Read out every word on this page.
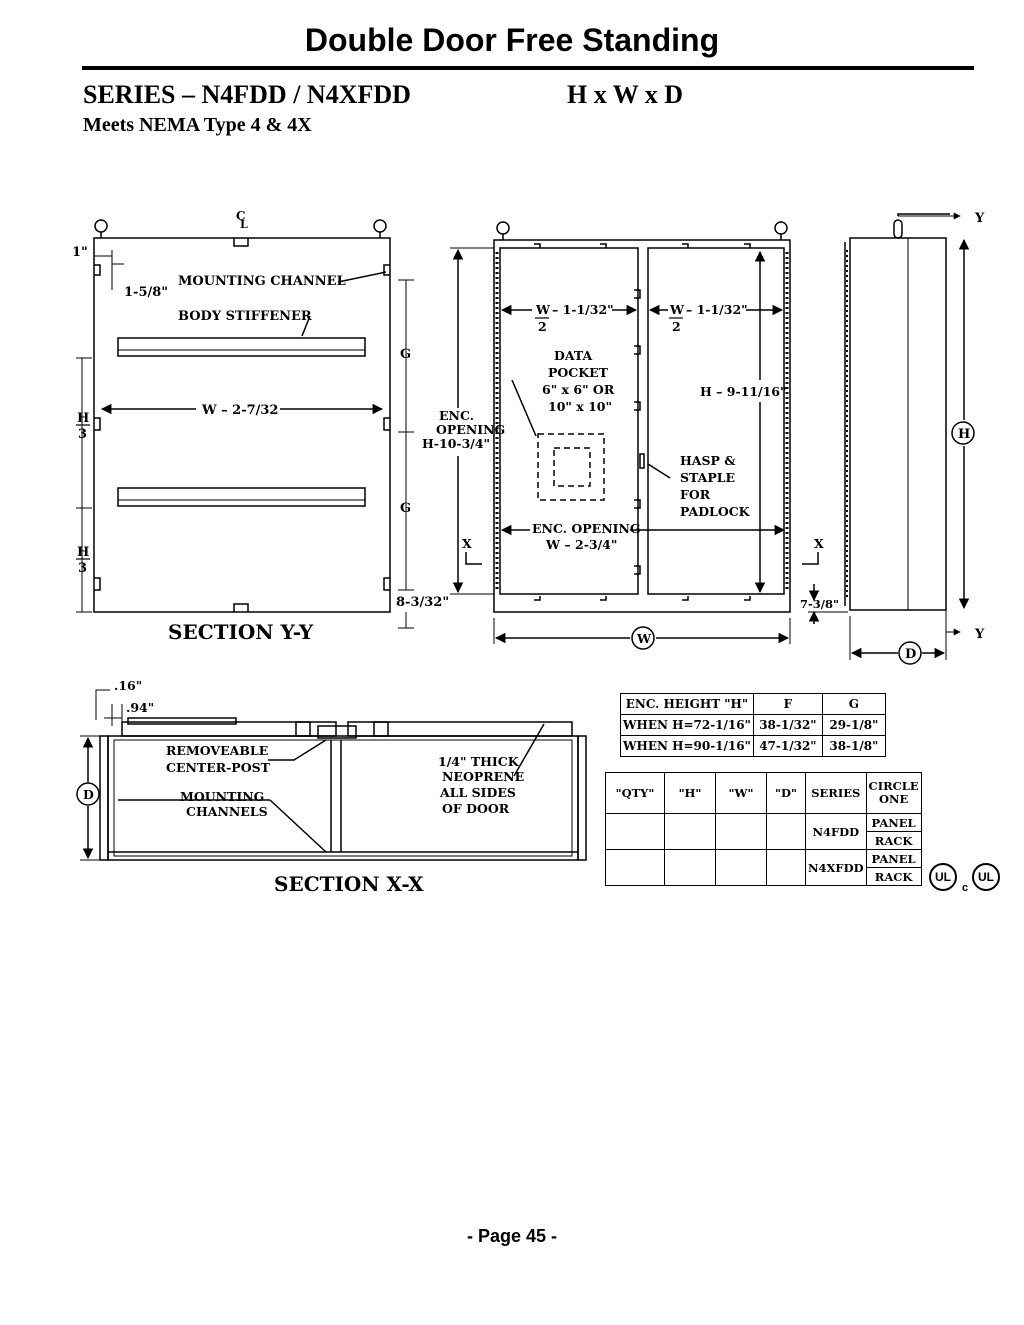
Double Door Free Standing
SERIES – N4FDD / N4XFDD	H x W x D
Meets NEMA Type 4 & 4X
C
L
1"
1-5/8"
MOUNTING CHANNEL
BODY STIFFENER
W – 2-7/32
H
3
H
3
G
G
8-3/32"
SECTION Y-Y
ENC.
OPENING
H-10-3/4"
W
2
– 1-1/32"	W
2
– 1-1/32"
DATA
POCKET
6" x 6" OR
10" x 10"
H – 9-11/16"
HASP &
STAPLE
FOR
PADLOCK
ENC. OPENING
W – 2-3/4"
X	X
W
7-3/8"
Y
Y
H
D
.16"
.94"
REMOVEABLE
CENTER-POST
MOUNTING
CHANNELS
1/4" THICK
NEOPRENE
ALL SIDES
OF DOOR
D
SECTION X-X
ENC. HEIGHT "H"	F	G
WHEN H=72-1/16"	38-1/32"	29-1/8"
WHEN H=90-1/16"	47-1/32"	38-1/8"
"QTY"	"H"	"W"	"D"	SERIES	CIRCLE ONE
				N4FDD	PANEL
					RACK
				N4XFDD	PANEL
					RACK	UL
c
UL
- Page 45 -
